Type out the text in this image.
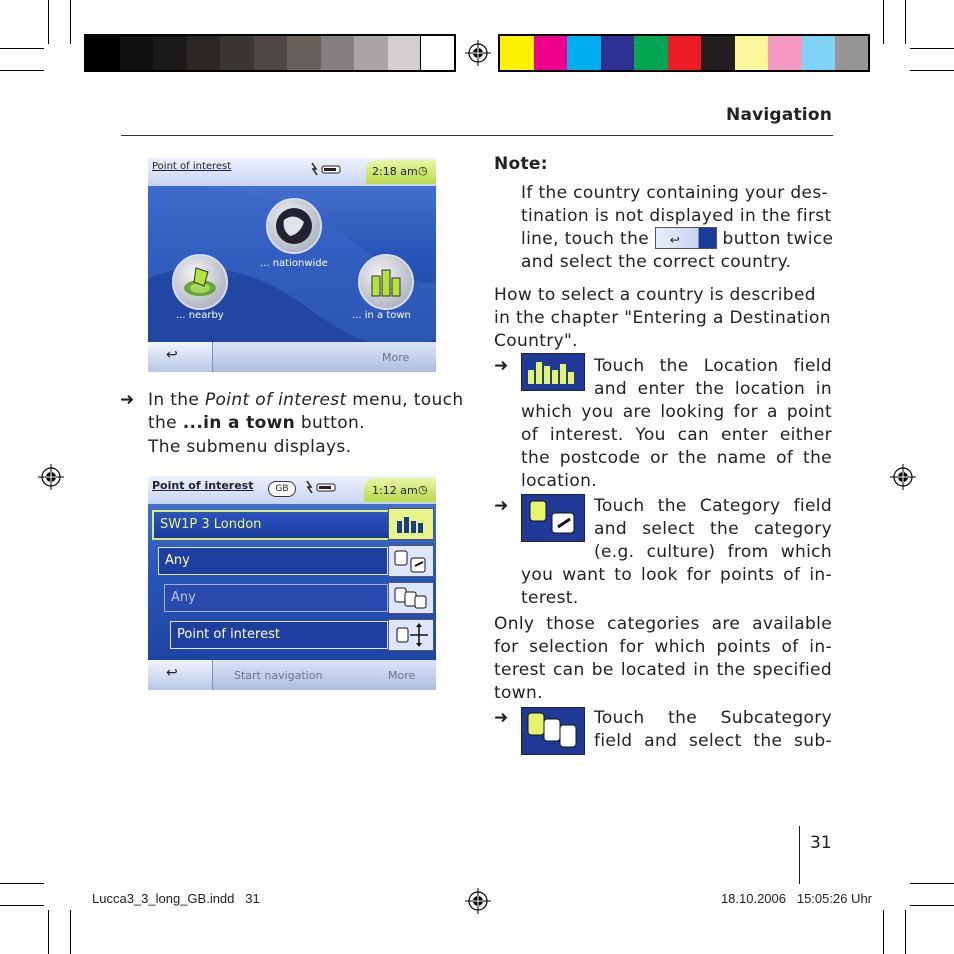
Navigation
Point of interest	2:18 am ◷
... nationwide
... nearby	... in a town
↩	More
➜ In the Point of interest menu, touch
the ...in a town button.
The submenu displays.
Point of interest	GB	1:12 am ◷
SW1P 3 London
Any
Any
Point of interest
↩	Start navigation	More
Note:
If the country containing your des-
tination is not displayed in the first
line, touch the ↩ button twice
and select the correct country.
How to select a country is described
in the chapter "Entering a Destination
Country".
➜	Touch the Location field
and enter the location in
which you are looking for a point
of interest. You can enter either
the postcode or the name of the
location.
➜	Touch the Category field
and select the category
(e.g. culture) from which
you want to look for points of in-
terest.
Only those categories are available
for selection for which points of in-
terest can be located in the specified
town.
➜	Touch the Subcategory
field and select the sub-
31
Lucca3_3_long_GB.indd   31	18.10.2006   15:05:26 Uhr
